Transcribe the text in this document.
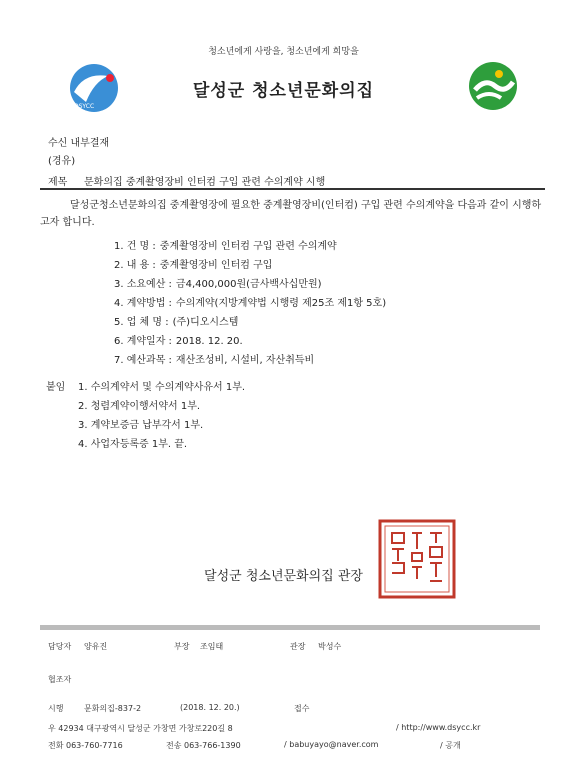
청소년에게 사랑을, 청소년에게 희망을
DSYCC
달성군 청소년문화의집
수신 내부결재
(경유)
제목 문화의집 중계촬영장비 인터컴 구입 관련 수의계약 시행
달성군청소년문화의집 중계촬영장에 필요한 중계촬영장비(인터컴) 구입 관련 수의계약을 다음과 같이 시행하고자 합니다.
1. 건 명 : 중계촬영장비 인터컴 구입 관련 수의계약
2. 내 용 : 중계촬영장비 인터컴 구입
3. 소요예산 : 금4,400,000원(금사백사십만원)
4. 계약방법 : 수의계약(지방계약법 시행령 제25조 제1항 5호)
5. 업 체 명 : (주)디오시스템
6. 계약일자 : 2018. 12. 20.
7. 예산과목 : 재산조성비, 시설비, 자산취득비
붙임 1. 수의계약서 및 수의계약사유서 1부.
2. 청렴계약이행서약서 1부.
3. 계약보증금 납부각서 1부.
4. 사업자등록증 1부. 끝.
달성군 청소년문화의집 관장
담당자 양유진	부장 조임태	관장 박성수
협조자
시행	문화의집-837-2	(2018. 12. 20.)	접수
우 42934 대구광역시 달성군 가창면 가창로220길 8	/ http://www.dsycc.kr
전화 063-760-7716	전송 063-766-1390	/ babuyayo@naver.com	/ 공개
